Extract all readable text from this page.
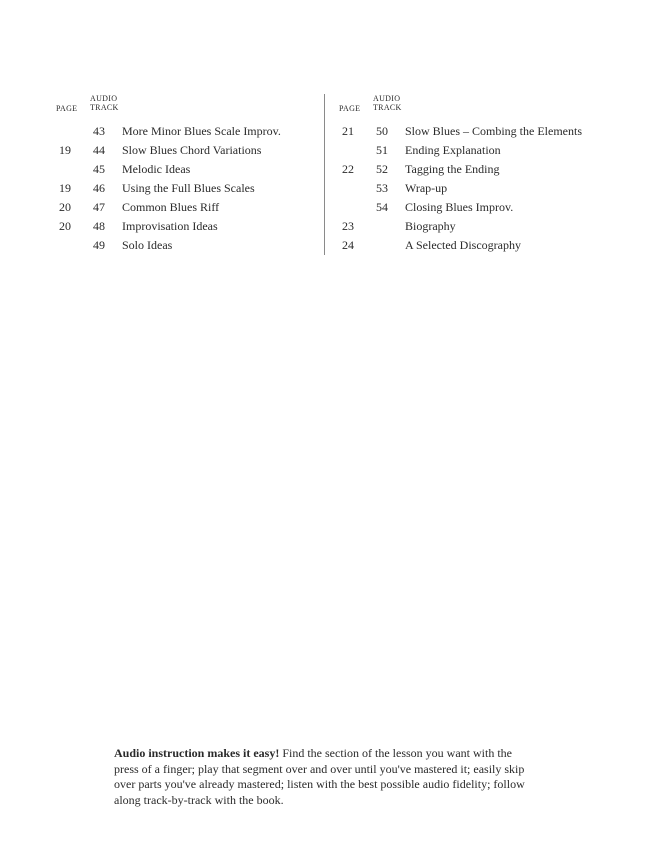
PAGE
AUDIO
TRACK
43 More Minor Blues Scale Improv.
19 44 Slow Blues Chord Variations
45 Melodic Ideas
19 46 Using the Full Blues Scales
20 47 Common Blues Riff
20 48 Improvisation Ideas
49 Solo Ideas
PAGE
AUDIO
TRACK
21 50 Slow Blues – Combing the Elements
51 Ending Explanation
22 52 Tagging the Ending
53 Wrap-up
54 Closing Blues Improv.
23	Biography
24	A Selected Discography
Audio instruction makes it easy! Find the section of the lesson you want with the press of a finger; play that segment over and over until you've mastered it; easily skip over parts you've already mastered; listen with the best possible audio fidelity; follow along track-by-track with the book.
